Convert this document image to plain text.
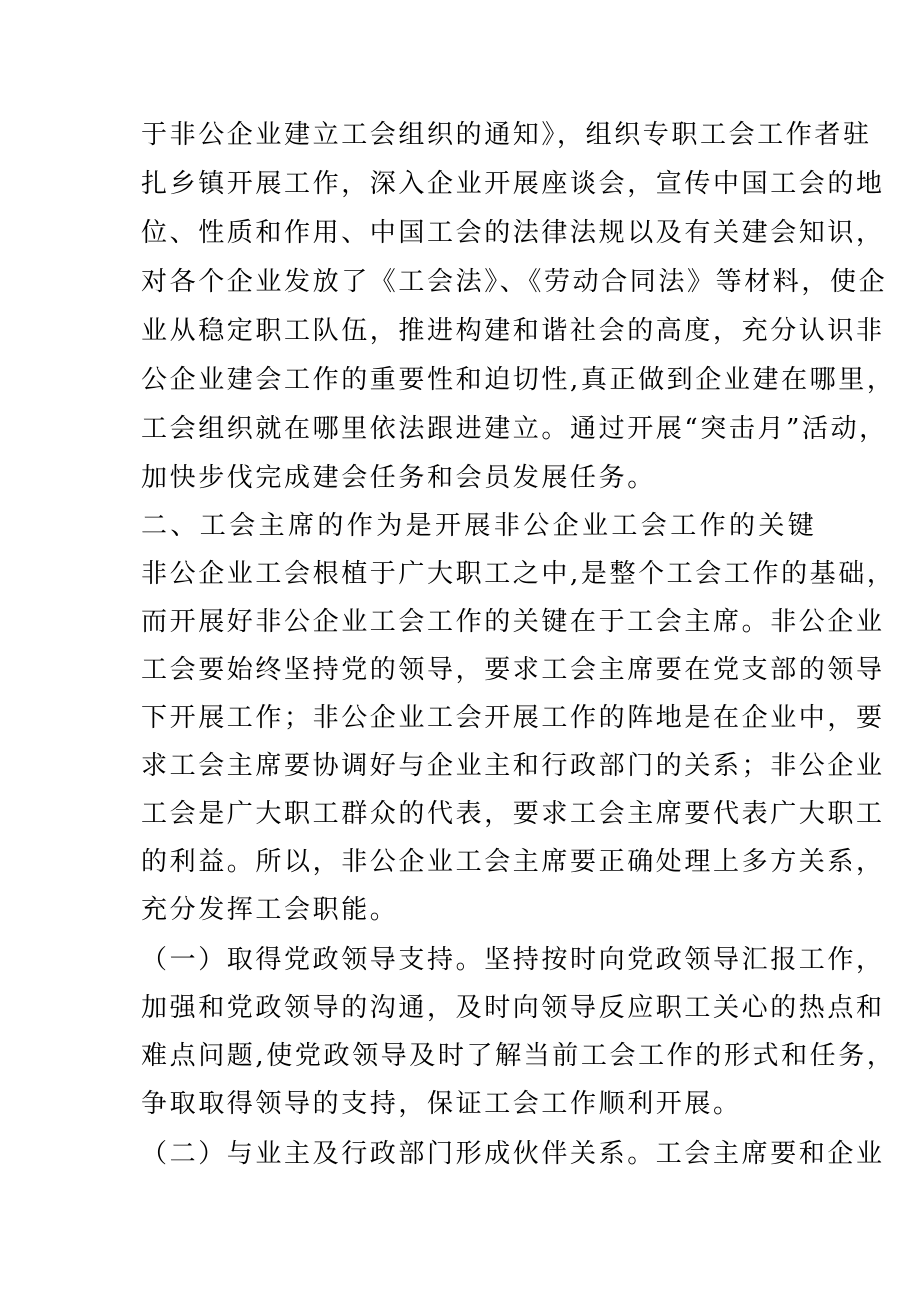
于非公企业建立工会组织的通知》，组织专职工会工作者驻
扎乡镇开展工作，深入企业开展座谈会，宣传中国工会的地
位、性质和作用、中国工会的法律法规以及有关建会知识，
对各个企业发放了《工会法》、《劳动合同法》等材料，使企
业从稳定职工队伍，推进构建和谐社会的高度，充分认识非
公企业建会工作的重要性和迫切性,真正做到企业建在哪里，
工会组织就在哪里依法跟进建立。通过开展“突击月”活动，
加快步伐完成建会任务和会员发展任务。
二、工会主席的作为是开展非公企业工会工作的关键
非公企业工会根植于广大职工之中,是整个工会工作的基础，
而开展好非公企业工会工作的关键在于工会主席。非公企业
工会要始终坚持党的领导，要求工会主席要在党支部的领导
下开展工作；非公企业工会开展工作的阵地是在企业中，要
求工会主席要协调好与企业主和行政部门的关系；非公企业
工会是广大职工群众的代表，要求工会主席要代表广大职工
的利益。所以，非公企业工会主席要正确处理上多方关系，
充分发挥工会职能。
（一）取得党政领导支持。坚持按时向党政领导汇报工作，
加强和党政领导的沟通，及时向领导反应职工关心的热点和
难点问题,使党政领导及时了解当前工会工作的形式和任务，
争取取得领导的支持，保证工会工作顺利开展。
（二）与业主及行政部门形成伙伴关系。工会主席要和企业
